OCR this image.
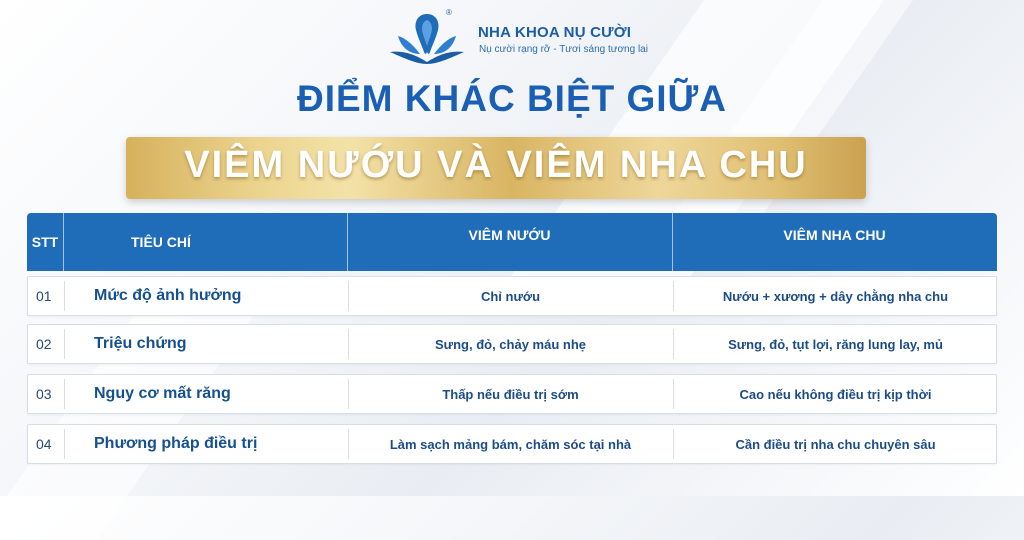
®
NHA KHOA NỤ CƯỜI
Nụ cười rạng rỡ - Tươi sáng tương lai
ĐIỂM KHÁC BIỆT GIỮA
VIÊM NƯỚU VÀ VIÊM NHA CHU
STT	TIÊU CHÍ	VIÊM NƯỚU	VIÊM NHA CHU
01	Mức độ ảnh hưởng	Chỉ nướu	Nướu + xương + dây chằng nha chu
02	Triệu chứng	Sưng, đỏ, chảy máu nhẹ	Sưng, đỏ, tụt lợi, răng lung lay, mủ
03	Nguy cơ mất răng	Thấp nếu điều trị sớm	Cao nếu không điều trị kịp thời
04	Phương pháp điều trị	Làm sạch mảng bám, chăm sóc tại nhà	Cần điều trị nha chu chuyên sâu
